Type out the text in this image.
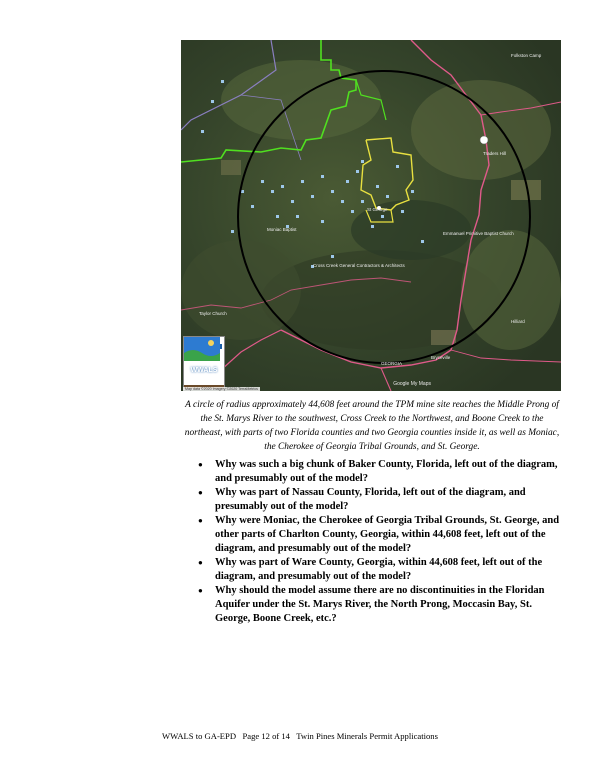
Moniac Baptist
St George
Traders Hill
Folkston Camp
Emmanuel Primitive Baptist Church
Taylor Church
Cross Creek General Contractors & Architects
GEORGIA
Hilliard
Bryceville
WWALS
Google My Maps
Map data ©2020 Imagery ©2020 TerraMetrics
A circle of radius approximately 44,608 feet around the TPM mine site reaches the Middle Prong of the St. Marys River to the southwest, Cross Creek to the Northwest, and Boone Creek to the northeast, with parts of two Florida counties and two Georgia counties inside it, as well as Moniac, the Cherokee of Georgia Tribal Grounds, and St. George.
● Why was such a big chunk of Baker County, Florida, left out of the diagram, and presumably out of the model?
● Why was part of Nassau County, Florida, left out of the diagram, and presumably out of the model?
● Why were Moniac, the Cherokee of Georgia Tribal Grounds, St. George, and other parts of Charlton County, Georgia, within 44,608 feet, left out of the diagram, and presumably out of the model?
● Why was part of Ware County, Georgia, within 44,608 feet, left out of the diagram, and presumably out of the model?
● Why should the model assume there are no discontinuities in the Floridan Aquifer under the St. Marys River, the North Prong, Moccasin Bay, St. George, Boone Creek, etc.?
WWALS to GA-EPD   Page 12 of 14   Twin Pines Minerals Permit Applications
